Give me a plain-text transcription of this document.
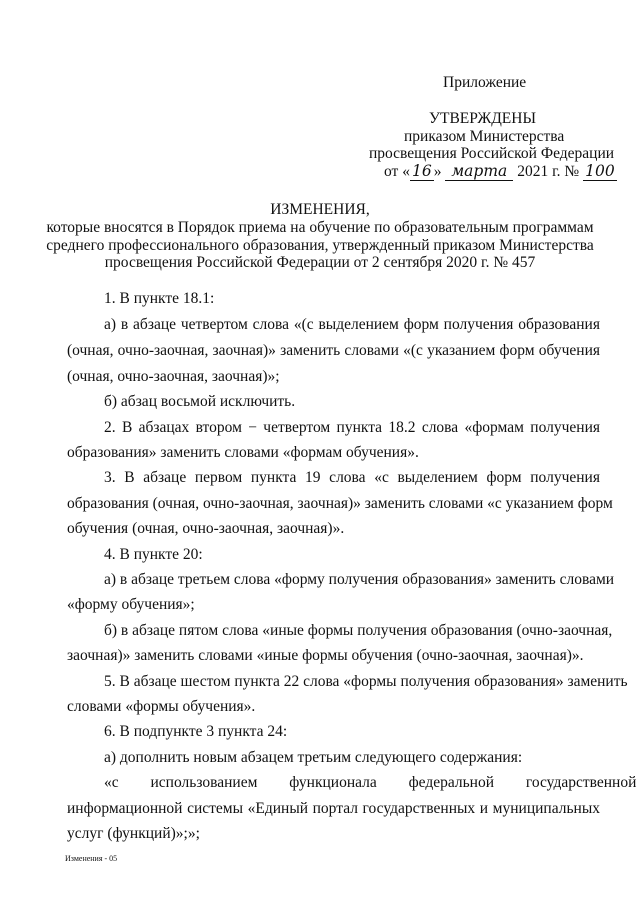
Приложение
УТВЕРЖДЕНЫ
приказом Министерства
просвещения Российской Федерации
от « 16 » марта 2021 г. № 100
ИЗМЕНЕНИЯ,
которые вносятся в Порядок приема на обучение по образовательным программам
среднего профессионального образования, утвержденный приказом Министерства
просвещения Российской Федерации от 2 сентября 2020 г. № 457
1. В пункте 18.1:
а) в абзаце четвертом слова «(с выделением форм получения образования
(очная, очно-заочная, заочная)» заменить словами «(с указанием форм обучения
(очная, очно-заочная, заочная)»;
б) абзац восьмой исключить.
2. В абзацах втором − четвертом пункта 18.2 слова «формам получения
образования» заменить словами «формам обучения».
3. В абзаце первом пункта 19 слова «с выделением форм получения
образования (очная, очно-заочная, заочная)» заменить словами «с указанием форм
обучения (очная, очно-заочная, заочная)».
4. В пункте 20:
а) в абзаце третьем слова «форму получения образования» заменить словами
«форму обучения»;
б) в абзаце пятом слова «иные формы получения образования (очно-заочная,
заочная)» заменить словами «иные формы обучения (очно-заочная, заочная)».
5. В абзаце шестом пункта 22 слова «формы получения образования» заменить
словами «формы обучения».
6. В подпункте 3 пункта 24:
а) дополнить новым абзацем третьим следующего содержания:
«с использованием функционала федеральной государственной
информационной системы «Единый портал государственных и муниципальных
услуг (функций)»;»;
Изменения - 05
